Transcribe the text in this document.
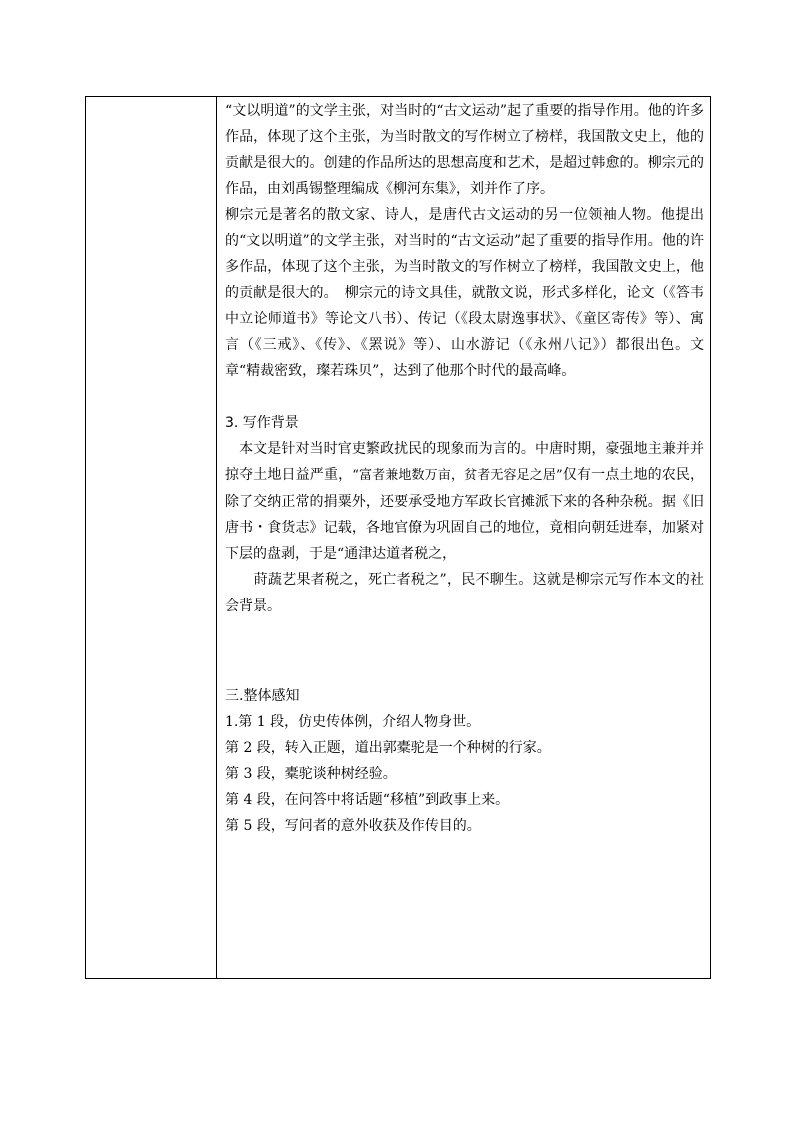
“文以明道”的文学主张，对当时的“古文运动”起了重要的指导作用。他的许多作品，体现了这个主张，为当时散文的写作树立了榜样，我国散文史上，他的贡献是很大的。创建的作品所达的思想高度和艺术，是超过韩愈的。柳宗元的作品，由刘禹锡整理编成《柳河东集》，刘并作了序。

柳宗元是著名的散文家、诗人，是唐代古文运动的另一位领袖人物。他提出的“文以明道”的文学主张，对当时的“古文运动”起了重要的指导作用。他的许多作品，体现了这个主张，为当时散文的写作树立了榜样，我国散文史上，他的贡献是很大的。　柳宗元的诗文具佳，就散文说，形式多样化，论文（《答韦中立论师道书》等论文八书）、传记（《段太尉逸事状》、《童区寄传》等）、寓言（《三戒》、《传》、《罴说》等）、山水游记（《永州八记》）都很出色。文章“精裁密致，璨若珠贝”，达到了他那个时代的最高峰。

3. 写作背景

　本文是针对当时官吏繁政扰民的现象而为言的。中唐时期，豪强地主兼并并掠夺土地日益严重，“富者兼地数万亩，贫者无容足之居”仅有一点土地的农民，除了交纳正常的捐粟外，还要承受地方军政长官摊派下来的各种杂税。据《旧唐书・食货志》记载，各地官僚为巩固自己的地位，竟相向朝廷进奉，加紧对下层的盘剥，于是“通津达道者税之，

　　莳蔬艺果者税之，死亡者税之”，民不聊生。这就是柳宗元写作本文的社会背景。

三.整体感知

1.第 1 段，仿史传体例，介绍人物身世。

第 2 段，转入正题，道出郭橐驼是一个种树的行家。

第 3 段，橐驼谈种树经验。

第 4 段，在问答中将话题“移植”到政事上来。

第 5 段，写问者的意外收获及作传目的。
